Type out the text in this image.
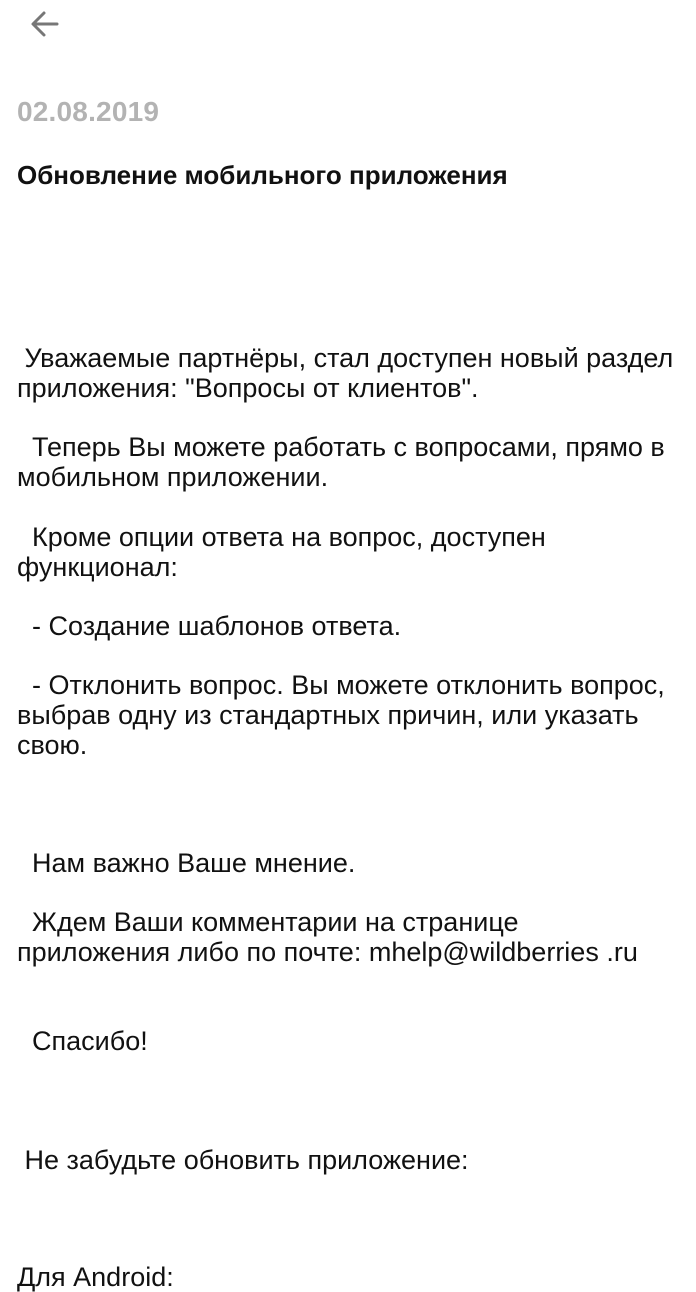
02.08.2019
Обновление мобильного приложения

Уважаемые партнёры, стал доступен новый раздел приложения: "Вопросы от клиентов".

Теперь Вы можете работать с вопросами, прямо в мобильном приложении.

Кроме опции ответа на вопрос, доступен функционал:

- Создание шаблонов ответа.

- Отклонить вопрос. Вы можете отклонить вопрос, выбрав одну из стандартных причин, или указать свою.

Нам важно Ваше мнение.

Ждем Ваши комментарии на странице приложения либо по почте: mhelp@wildberries .ru

Спасибо!

Не забудьте обновить приложение:

Для Android:
